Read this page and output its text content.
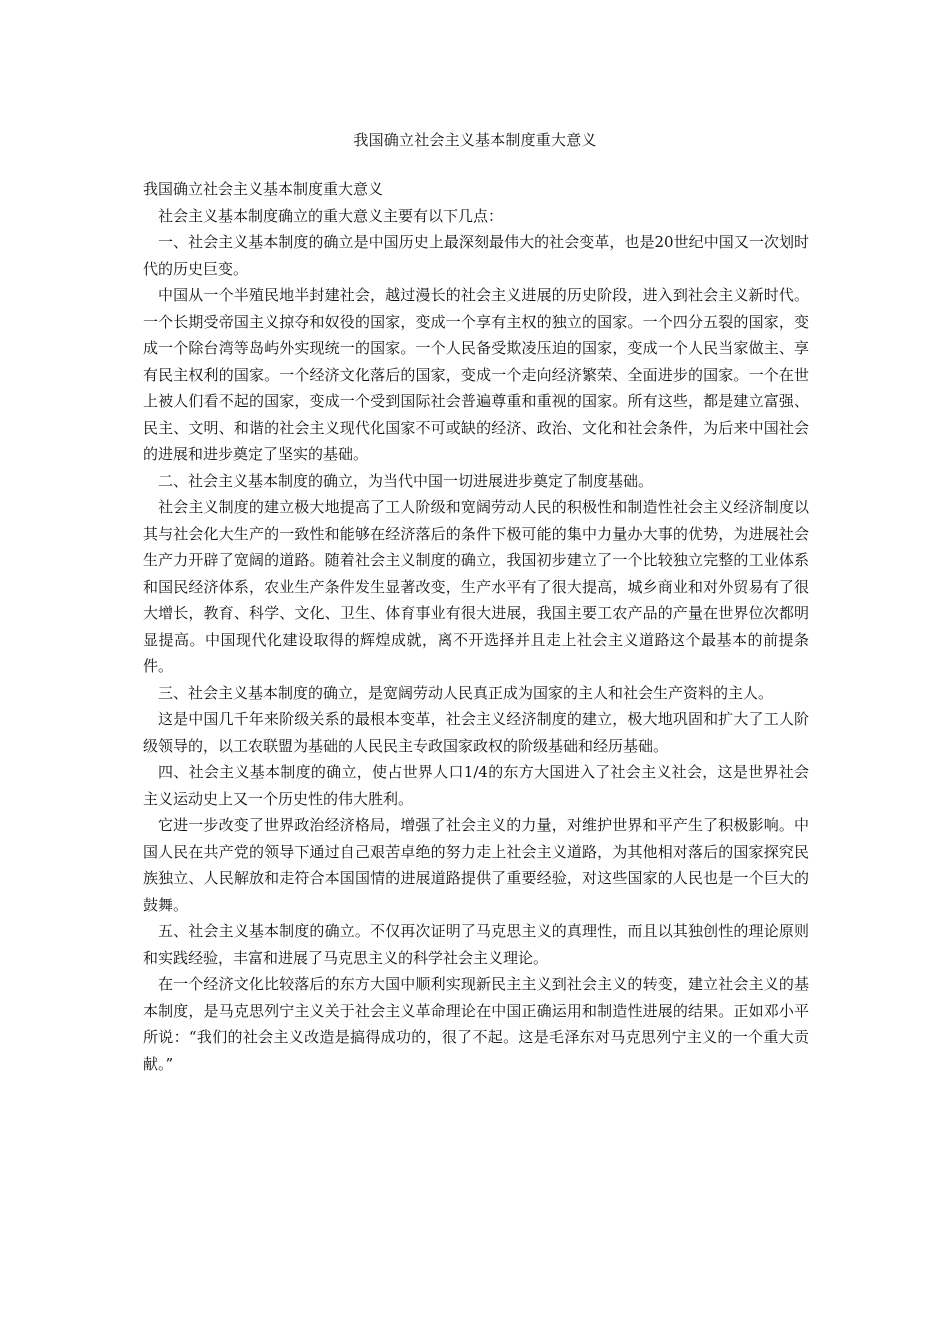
我国确立社会主义基本制度重大意义

我国确立社会主义基本制度重大意义

社会主义基本制度确立的重大意义主要有以下几点：

一、社会主义基本制度的确立是中国历史上最深刻最伟大的社会变革，也是20世纪中国又一次划时代的历史巨变。

中国从一个半殖民地半封建社会，越过漫长的社会主义进展的历史阶段，进入到社会主义新时代。一个长期受帝国主义掠夺和奴役的国家，变成一个享有主权的独立的国家。一个四分五裂的国家，变成一个除台湾等岛屿外实现统一的国家。一个人民备受欺凌压迫的国家，变成一个人民当家做主、享有民主权利的国家。一个经济文化落后的国家，变成一个走向经济繁荣、全面进步的国家。一个在世上被人们看不起的国家，变成一个受到国际社会普遍尊重和重视的国家。所有这些，都是建立富强、民主、文明、和谐的社会主义现代化国家不可或缺的经济、政治、文化和社会条件，为后来中国社会的进展和进步奠定了坚实的基础。

二、社会主义基本制度的确立，为当代中国一切进展进步奠定了制度基础。

社会主义制度的建立极大地提高了工人阶级和宽阔劳动人民的积极性和制造性社会主义经济制度以其与社会化大生产的一致性和能够在经济落后的条件下极可能的集中力量办大事的优势，为进展社会生产力开辟了宽阔的道路。随着社会主义制度的确立，我国初步建立了一个比较独立完整的工业体系和国民经济体系，农业生产条件发生显著改变，生产水平有了很大提高，城乡商业和对外贸易有了很大增长，教育、科学、文化、卫生、体育事业有很大进展，我国主要工农产品的产量在世界位次都明显提高。中国现代化建设取得的辉煌成就，离不开选择并且走上社会主义道路这个最基本的前提条件。

三、社会主义基本制度的确立，是宽阔劳动人民真正成为国家的主人和社会生产资料的主人。

这是中国几千年来阶级关系的最根本变革，社会主义经济制度的建立，极大地巩固和扩大了工人阶级领导的，以工农联盟为基础的人民民主专政国家政权的阶级基础和经历基础。

四、社会主义基本制度的确立，使占世界人口1/4的东方大国进入了社会主义社会，这是世界社会主义运动史上又一个历史性的伟大胜利。

它进一步改变了世界政治经济格局，增强了社会主义的力量，对维护世界和平产生了积极影响。中国人民在共产党的领导下通过自己艰苦卓绝的努力走上社会主义道路，为其他相对落后的国家探究民族独立、人民解放和走符合本国国情的进展道路提供了重要经验，对这些国家的人民也是一个巨大的鼓舞。

五、社会主义基本制度的确立。不仅再次证明了马克思主义的真理性，而且以其独创性的理论原则和实践经验，丰富和进展了马克思主义的科学社会主义理论。

在一个经济文化比较落后的东方大国中顺利实现新民主主义到社会主义的转变，建立社会主义的基本制度，是马克思列宁主义关于社会主义革命理论在中国正确运用和制造性进展的结果。正如邓小平所说：“我们的社会主义改造是搞得成功的，很了不起。这是毛泽东对马克思列宁主义的一个重大贡献。”
